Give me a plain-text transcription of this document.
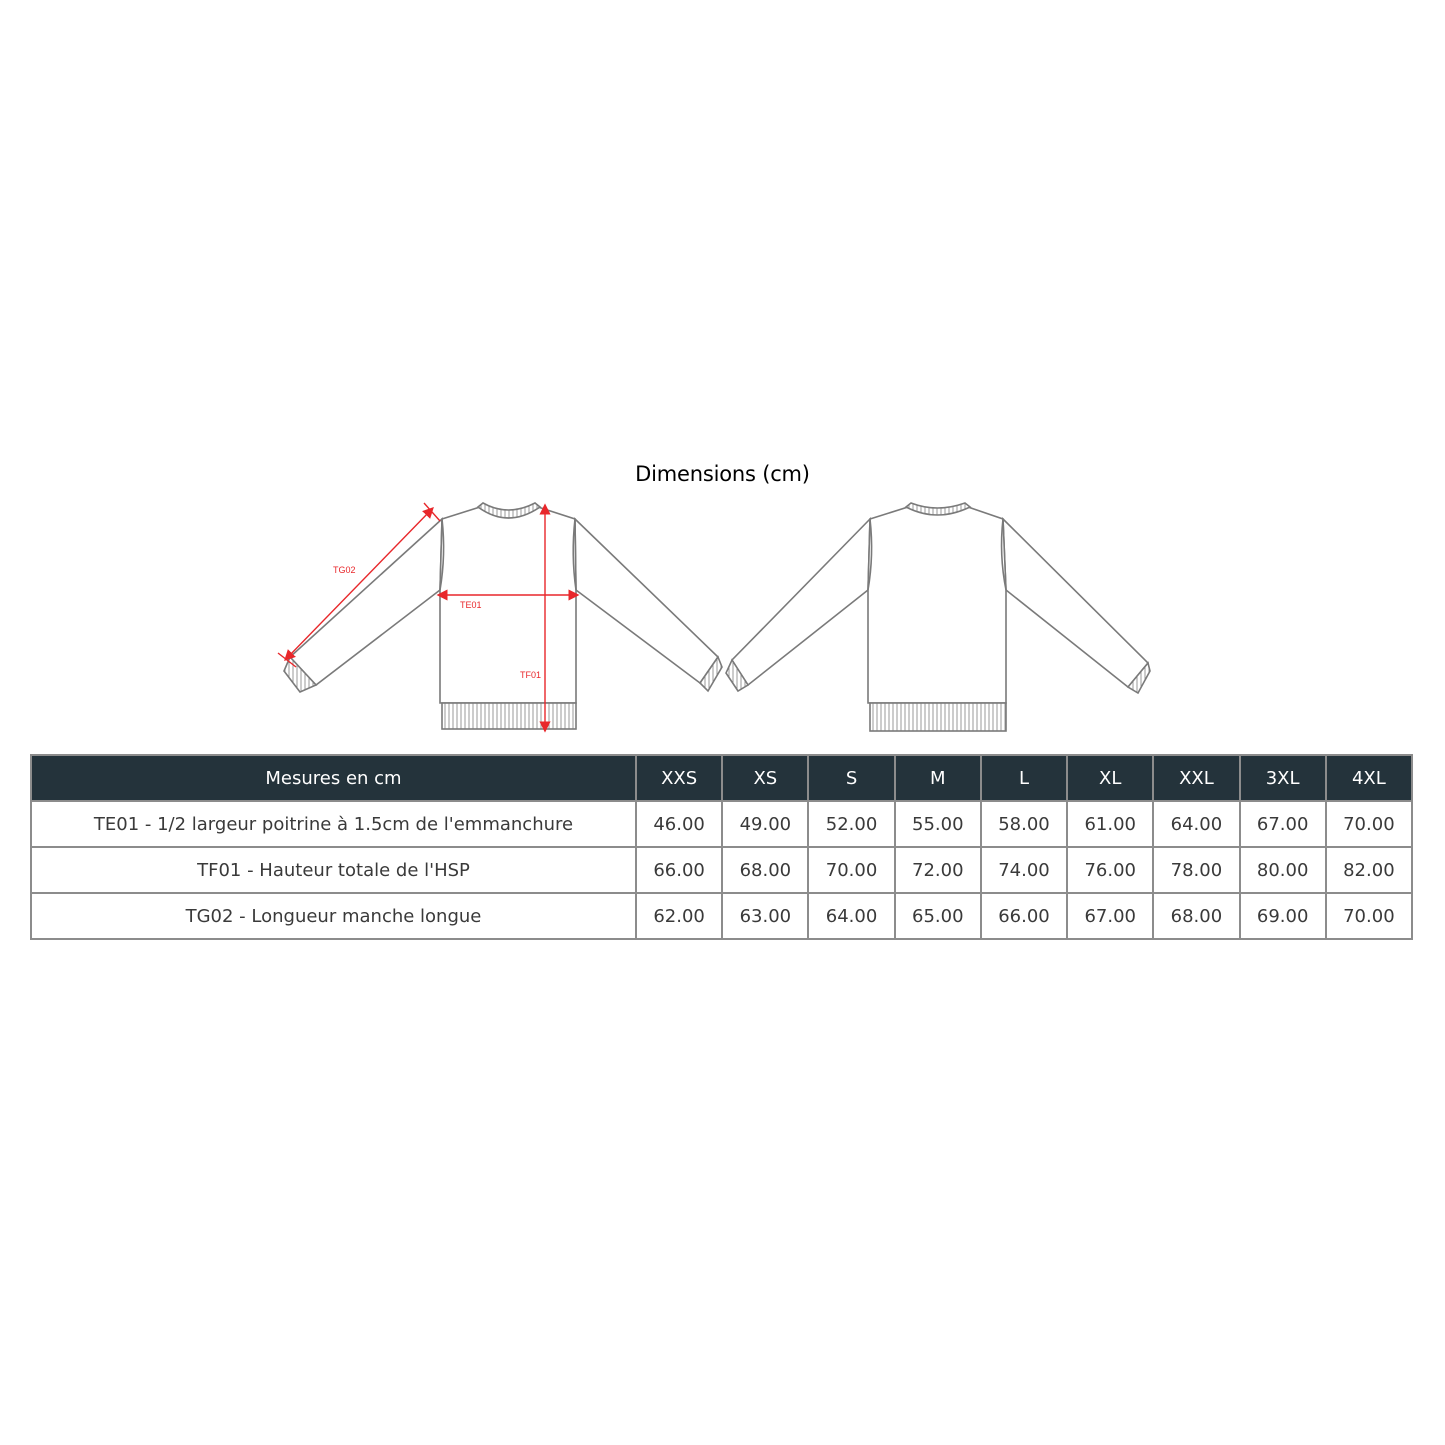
Dimensions (cm)
TG02
TE01
TF01
Mesures en cm	XXS	XS	S	M	L	XL	XXL	3XL	4XL
TE01 - 1/2 largeur poitrine à 1.5cm de l'emmanchure	46.00	49.00	52.00	55.00	58.00	61.00	64.00	67.00	70.00
TF01 - Hauteur totale de l'HSP	66.00	68.00	70.00	72.00	74.00	76.00	78.00	80.00	82.00
TG02 - Longueur manche longue	62.00	63.00	64.00	65.00	66.00	67.00	68.00	69.00	70.00
